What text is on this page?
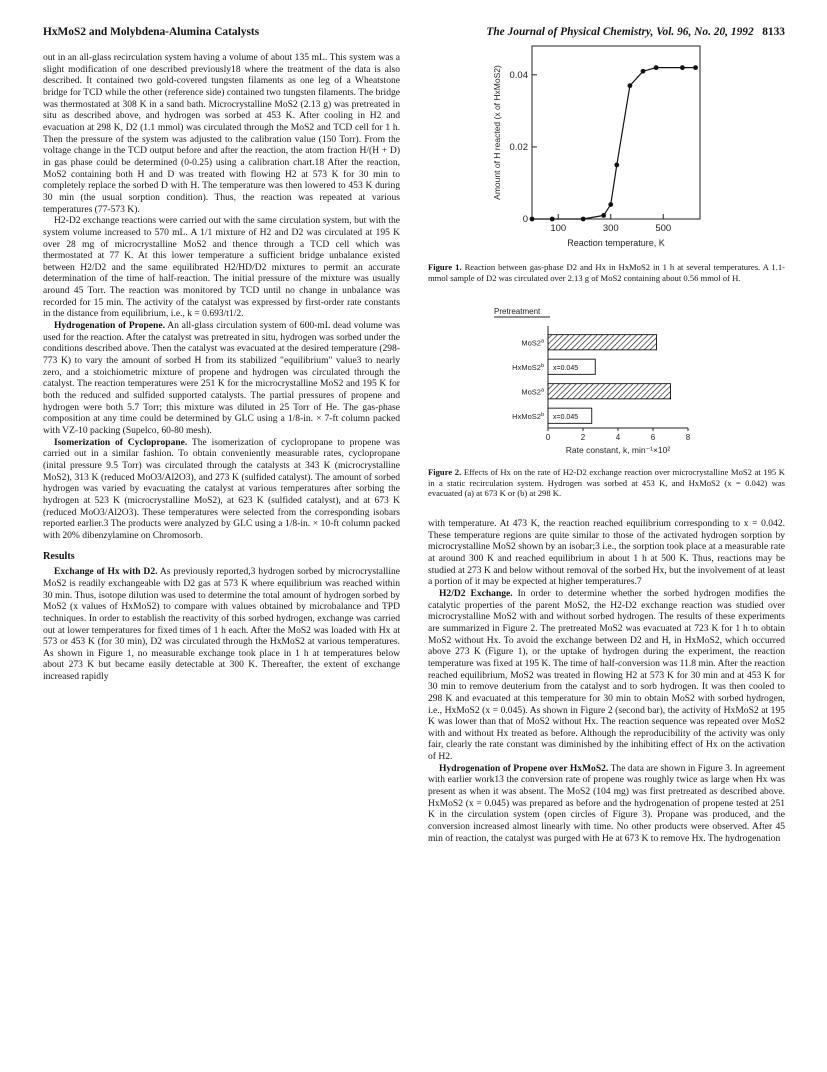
HxMoS2 and Molybdena-Alumina Catalysts	The Journal of Physical Chemistry, Vol. 96, No. 20, 1992 8133

out in an all-glass recirculation system having a volume of about 135 mL. This system was a slight modification of one described previously18 where the treatment of the data is also described. It contained two gold-covered tungsten filaments as one leg of a Wheatstone bridge for TCD while the other (reference side) contained two tungsten filaments. The bridge was thermostated at 308 K in a sand bath. Microcrystalline MoS2 (2.13 g) was pretreated in situ as described above, and hydrogen was sorbed at 453 K. After cooling in H2 and evacuation at 298 K, D2 (1.1 mmol) was circulated through the MoS2 and TCD cell for 1 h. Then the pressure of the system was adjusted to the calibration value (150 Torr). From the voltage change in the TCD output before and after the reaction, the atom fraction H/(H + D) in gas phase could be determined (0-0.25) using a calibration chart.18 After the reaction, MoS2 containing both H and D was treated with flowing H2 at 573 K for 30 min to completely replace the sorbed D with H. The temperature was then lowered to 453 K during 30 min (the usual sorption condition). Thus, the reaction was repeated at various temperatures (77-573 K).

H2-D2 exchange reactions were carried out with the same circulation system, but with the system volume increased to 570 mL. A 1/1 mixture of H2 and D2 was circulated at 195 K over 28 mg of microcrystalline MoS2 and thence through a TCD cell which was thermostated at 77 K. At this lower temperature a sufficient bridge unbalance existed between H2/D2 and the same equilibrated H2/HD/D2 mixtures to permit an accurate determination of the time of half-reaction. The initial pressure of the mixture was usually around 45 Torr. The reaction was monitored by TCD until no change in unbalance was recorded for 15 min. The activity of the catalyst was expressed by first-order rate constants in the distance from equilibrium, i.e., k = 0.693/t1/2.

Hydrogenation of Propene. An all-glass circulation system of 600-mL dead volume was used for the reaction. After the catalyst was pretreated in situ, hydrogen was sorbed under the conditions described above. Then the catalyst was evacuated at the desired temperature (298-773 K) to vary the amount of sorbed H from its stabilized "equilibrium" value3 to nearly zero, and a stoichiometric mixture of propene and hydrogen was circulated through the catalyst. The reaction temperatures were 251 K for the microcrystalline MoS2 and 195 K for both the reduced and sulfided supported catalysts. The partial pressures of propene and hydrogen were both 5.7 Torr; this mixture was diluted in 25 Torr of He. The gas-phase composition at any time could be determined by GLC using a 1/8-in. × 7-ft column packed with VZ-10 packing (Supelco, 60-80 mesh).

Isomerization of Cyclopropane. The isomerization of cyclopropane to propene was carried out in a similar fashion. To obtain conveniently measurable rates, cyclopropane (inital pressure 9.5 Torr) was circulated through the catalysts at 343 K (microcrystalline MoS2), 313 K (reduced MoO3/Al2O3), and 273 K (sulfided catalyst). The amount of sorbed hydrogen was varied by evacuating the catalyst at various temperatures after sorbing the hydrogen at 523 K (microcrystalline MoS2), at 623 K (sulfided catalyst), and at 673 K (reduced MoO3/Al2O3). These temperatures were selected from the corresponding isobars reported earlier.3 The products were analyzed by GLC using a 1/8-in. × 10-ft column packed with 20% dibenzylamine on Chromosorb.

Results

Exchange of Hx with D2. As previously reported,3 hydrogen sorbed by microcrystalline MoS2 is readily exchangeable with D2 gas at 573 K where equilibrium was reached within 30 min. Thus, isotope dilution was used to determine the total amount of hydrogen sorbed by MoS2 (x values of HxMoS2) to compare with values obtained by microbalance and TPD techniques. In order to establish the reactivity of this sorbed hydrogen, exchange was carried out at lower temperatures for fixed times of 1 h each. After the MoS2 was loaded with Hx at 573 or 453 K (for 30 min), D2 was circulated through the HxMoS2 at various temperatures. As shown in Figure 1, no measurable exchange took place in 1 h at temperatures below about 273 K but became easily detectable at 300 K. Thereafter, the extent of exchange increased rapidly

100	300	500
0
0.02
0.04
Reaction temperature, K
Amount of H reacted (x of HxMoS2)
Figure 1. Reaction between gas-phase D2 and Hx in HxMoS2 in 1 h at several temperatures. A 1.1-mmol sample of D2 was circulated over 2.13 g of MoS2 containing about 0.56 mmol of H.
Pretreatment
MoS2$^a$
HxMoS2$^b$ x=0.045
MoS2$^a$
HxMoS2$^b$ x=0.045
0	2	4	6	8
Rate constant, k, min⁻¹×10²
Figure 2. Effects of Hx on the rate of H2-D2 exchange reaction over microcrystalline MoS2 at 195 K in a static recirculation system. Hydrogen was sorbed at 453 K, and HxMoS2 (x = 0.042) was evacuated (a) at 673 K or (b) at 298 K.

with temperature. At 473 K, the reaction reached equilibrium corresponding to x = 0.042. These temperature regions are quite similar to those of the activated hydrogen sorption by microcrystalline MoS2 shown by an isobar;3 i.e., the sorption took place at a measurable rate at around 300 K and reached equilibrium in about 1 h at 500 K. Thus, reactions may be studied at 273 K and below without removal of the sorbed Hx, but the involvement of at least a portion of it may be expected at higher temperatures.7

H2/D2 Exchange. In order to determine whether the sorbed hydrogen modifies the catalytic properties of the parent MoS2, the H2-D2 exchange reaction was studied over microcrystalline MoS2 with and without sorbed hydrogen. The results of these experiments are summarized in Figure 2. The pretreated MoS2 was evacuated at 723 K for 1 h to obtain MoS2 without Hx. To avoid the exchange between D2 and H, in HxMoS2, which occurred above 273 K (Figure 1), or the uptake of hydrogen during the experiment, the reaction temperature was fixed at 195 K. The time of half-conversion was 11.8 min. After the reaction reached equilibrium, MoS2 was treated in flowing H2 at 573 K for 30 min and at 453 K for 30 min to remove deuterium from the catalyst and to sorb hydrogen. It was then cooled to 298 K and evacuated at this temperature for 30 min to obtain MoS2 with sorbed hydrogen, i.e., HxMoS2 (x = 0.045). As shown in Figure 2 (second bar), the activity of HxMoS2 at 195 K was lower than that of MoS2 without Hx. The reaction sequence was repeated over MoS2 with and without Hx treated as before. Although the reproducibility of the activity was only fair, clearly the rate constant was diminished by the inhibiting effect of Hx on the activation of H2.

Hydrogenation of Propene over HxMoS2. The data are shown in Figure 3. In agreement with earlier work13 the conversion rate of propene was roughly twice as large when Hx was present as when it was absent. The MoS2 (104 mg) was first pretreated as described above. HxMoS2 (x = 0.045) was prepared as before and the hydrogenation of propene tested at 251 K in the circulation system (open circles of Figure 3). Propane was produced, and the conversion increased almost linearly with time. No other products were observed. After 45 min of reaction, the catalyst was purged with He at 673 K to remove Hx. The hydrogenation
